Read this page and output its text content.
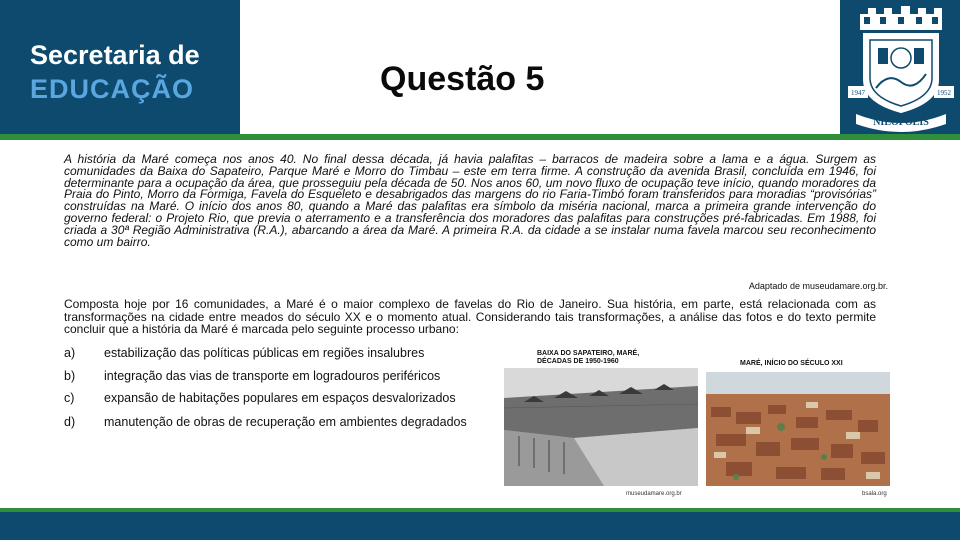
Secretaria de
EDUCAÇÃO	Questão 5	1947	1952
NILÓPOLIS
A história da Maré começa nos anos 40. No final dessa década, já havia palafitas – barracos de madeira sobre a lama e a água. Surgem as comunidades da Baixa do Sapateiro, Parque Maré e Morro do Timbau – este em terra firme. A construção da avenida Brasil, concluída em 1946, foi determinante para a ocupação da área, que prosseguiu pela década de 50. Nos anos 60, um novo fluxo de ocupação teve início, quando moradores da Praia do Pinto, Morro da Formiga, Favela do Esqueleto e desabrigados das margens do rio Faria-Timbó foram transferidos para moradias “provisórias” construídas na Maré. O início dos anos 80, quando a Maré das palafitas era símbolo da miséria nacional, marca a primeira grande intervenção do governo federal: o Projeto Rio, que previa o aterramento e a transferência dos moradores das palafitas para construções pré-fabricadas. Em 1988, foi criada a 30ª Região Administrativa (R.A.), abarcando a área da Maré. A primeira R.A. da cidade a se instalar numa favela marcou seu reconhecimento como um bairro.
Adaptado de museudamare.org.br.
Composta hoje por 16 comunidades, a Maré é o maior complexo de favelas do Rio de Janeiro. Sua história, em parte, está relacionada com as transformações na cidade entre meados do século XX e o momento atual. Considerando tais transformações, a análise das fotos e do texto permite concluir que a história da Maré é marcada pelo seguinte processo urbano:
a) estabilização das políticas públicas em regiões insalubres
b) integração das vias de transporte em logradouros periféricos
c) expansão de habitações populares em espaços desvalorizados
d) manutenção de obras de recuperação em ambientes degradados
BAIXA DO SAPATEIRO, MARÉ,
DÉCADAS DE 1950-1960
museudamare.org.br
MARÉ, INÍCIO DO SÉCULO XXI
bsala.org
